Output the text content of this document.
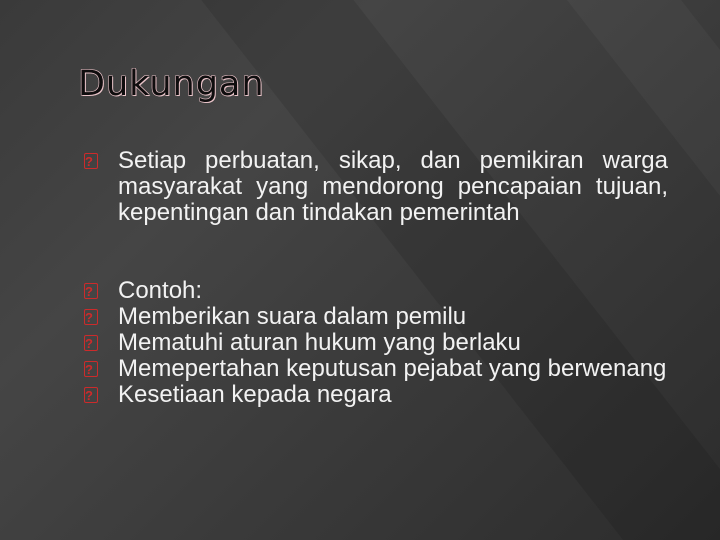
Dukungan
?
Setiap perbuatan, sikap, dan pemikiran warga masyarakat yang mendorong pencapaian tujuan, kepentingan dan tindakan pemerintah
?
Contoh:
?
Memberikan suara dalam pemilu
?
Mematuhi aturan hukum yang berlaku
?
Memepertahan keputusan pejabat yang berwenang
?
Kesetiaan kepada negara
